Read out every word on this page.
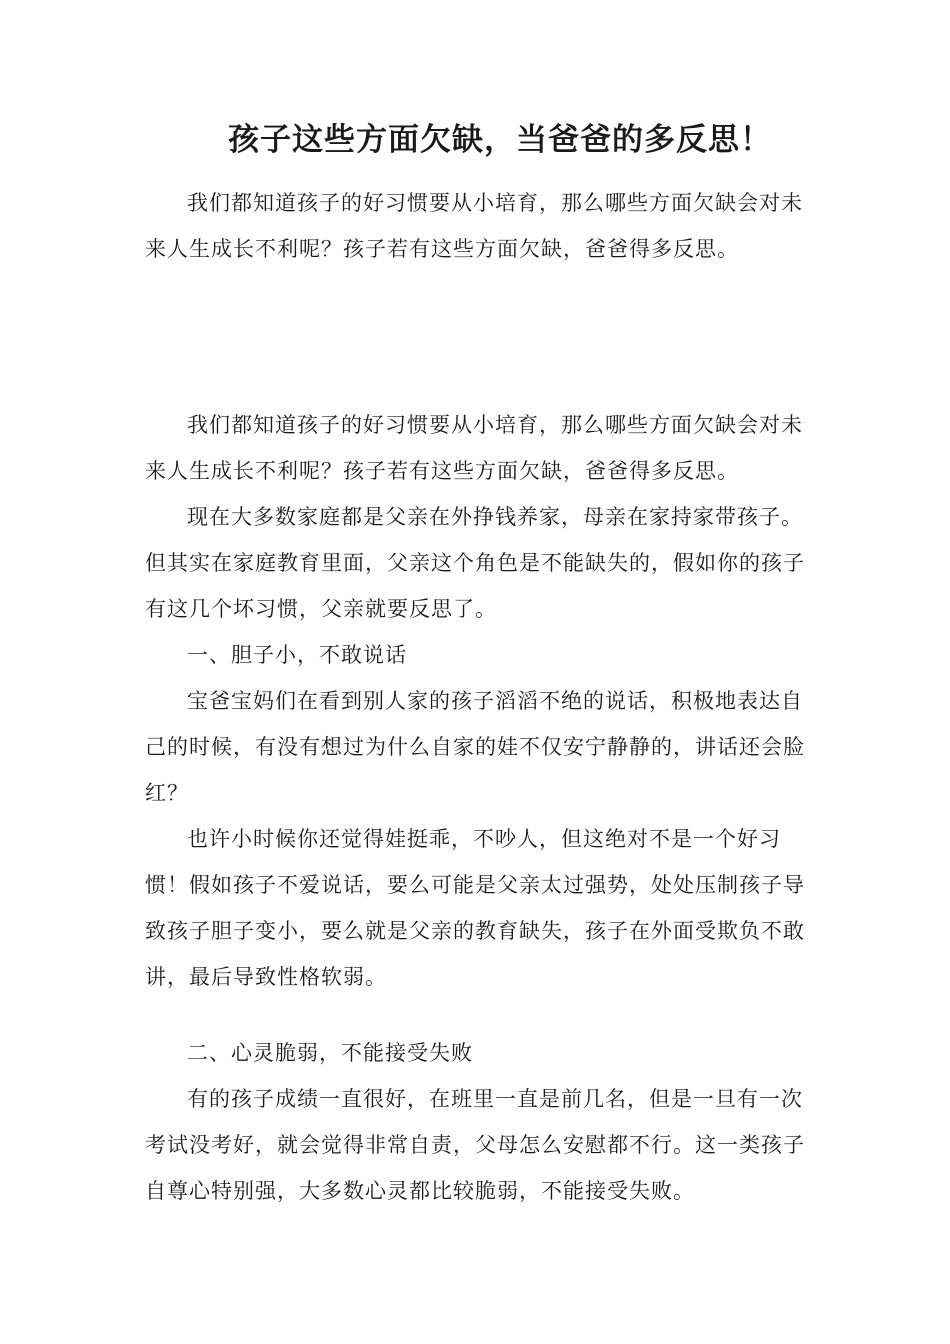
孩子这些方面欠缺，当爸爸的多反思！

我们都知道孩子的好习惯要从小培育，那么哪些方面欠缺会对未来人生成长不利呢？孩子若有这些方面欠缺，爸爸得多反思。

我们都知道孩子的好习惯要从小培育，那么哪些方面欠缺会对未来人生成长不利呢？孩子若有这些方面欠缺，爸爸得多反思。

现在大多数家庭都是父亲在外挣钱养家，母亲在家持家带孩子。但其实在家庭教育里面，父亲这个角色是不能缺失的，假如你的孩子有这几个坏习惯，父亲就要反思了。

一、胆子小，不敢说话

宝爸宝妈们在看到别人家的孩子滔滔不绝的说话，积极地表达自己的时候，有没有想过为什么自家的娃不仅安宁静静的，讲话还会脸红？

也许小时候你还觉得娃挺乖，不吵人，但这绝对不是一个好习惯！假如孩子不爱说话，要么可能是父亲太过强势，处处压制孩子导致孩子胆子变小，要么就是父亲的教育缺失，孩子在外面受欺负不敢讲，最后导致性格软弱。

二、心灵脆弱，不能接受失败

有的孩子成绩一直很好，在班里一直是前几名，但是一旦有一次考试没考好，就会觉得非常自责，父母怎么安慰都不行。这一类孩子自尊心特别强，大多数心灵都比较脆弱，不能接受失败。
